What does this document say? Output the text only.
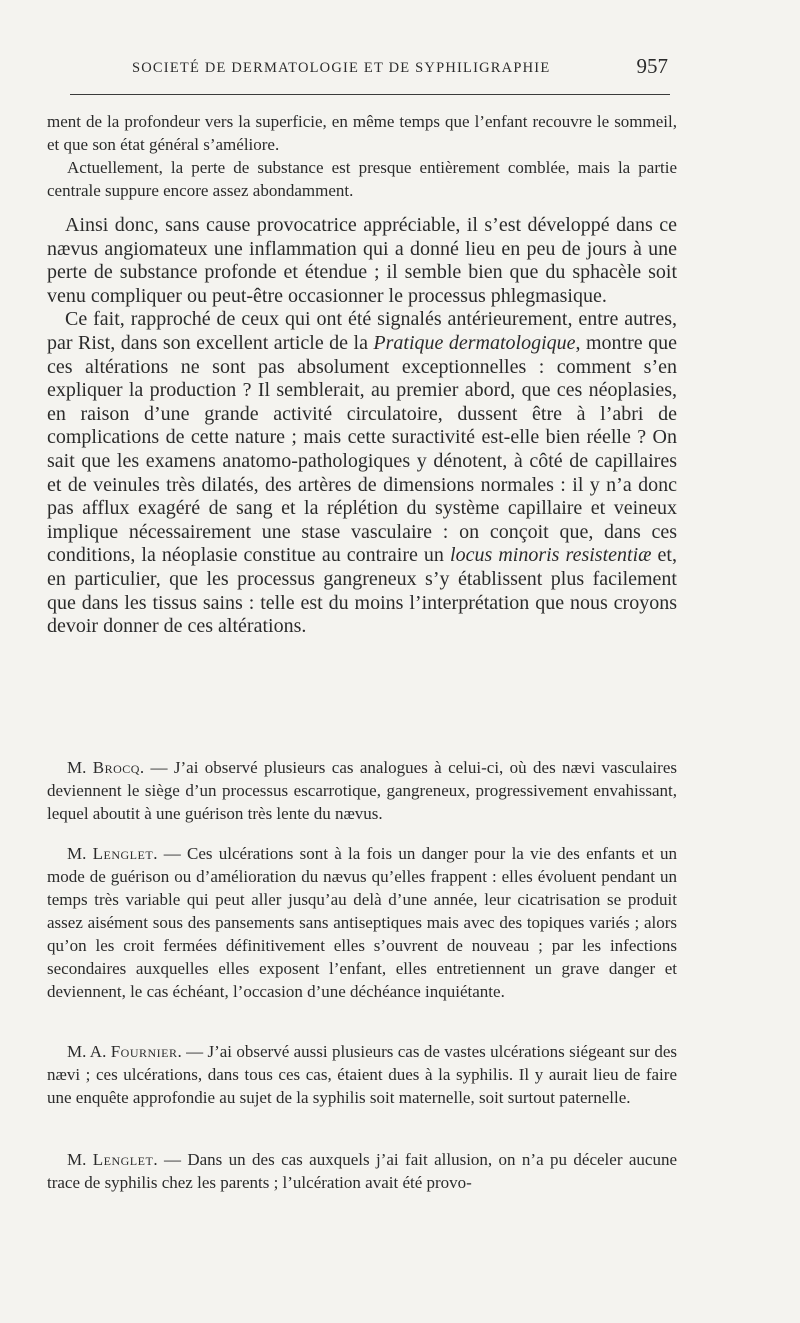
SOCIETÉ DE DERMATOLOGIE ET DE SYPHILIGRAPHIE	957

ment de la profondeur vers la superficie, en même temps que l’enfant recouvre le sommeil, et que son état général s’améliore.

Actuellement, la perte de substance est presque entièrement comblée, mais la partie centrale suppure encore assez abondamment.

Ainsi donc, sans cause provocatrice appréciable, il s’est développé dans ce nævus angiomateux une inflammation qui a donné lieu en peu de jours à une perte de substance profonde et étendue ; il semble bien que du sphacèle soit venu compliquer ou peut-être occasionner le processus phlegmasique.

Ce fait, rapproché de ceux qui ont été signalés antérieurement, entre autres, par Rist, dans son excellent article de la Pratique dermatologique, montre que ces altérations ne sont pas absolument exceptionnelles : comment s’en expliquer la production ? Il semblerait, au premier abord, que ces néoplasies, en raison d’une grande activité circulatoire, dussent être à l’abri de complications de cette nature ; mais cette suractivité est-elle bien réelle ? On sait que les examens anatomo-pathologiques y dénotent, à côté de capillaires et de veinules très dilatés, des artères de dimensions normales : il y n’a donc pas afflux exagéré de sang et la réplétion du système capillaire et veineux implique nécessairement une stase vasculaire : on conçoit que, dans ces conditions, la néoplasie constitue au contraire un locus minoris resistentiæ et, en particulier, que les processus gangreneux s’y établissent plus facilement que dans les tissus sains : telle est du moins l’interprétation que nous croyons devoir donner de ces altérations.

M. Brocq. — J’ai observé plusieurs cas analogues à celui-ci, où des nævi vasculaires deviennent le siège d’un processus escarrotique, gangreneux, progressivement envahissant, lequel aboutit à une guérison très lente du nævus.

M. Lenglet. — Ces ulcérations sont à la fois un danger pour la vie des enfants et un mode de guérison ou d’amélioration du nævus qu’elles frappent : elles évoluent pendant un temps très variable qui peut aller jusqu’au delà d’une année, leur cicatrisation se produit assez aisément sous des pansements sans antiseptiques mais avec des topiques variés ; alors qu’on les croit fermées définitivement elles s’ouvrent de nouveau ; par les infections secondaires auxquelles elles exposent l’enfant, elles entretiennent un grave danger et deviennent, le cas échéant, l’occasion d’une déchéance inquiétante.

M. A. Fournier. — J’ai observé aussi plusieurs cas de vastes ulcérations siégeant sur des nævi ; ces ulcérations, dans tous ces cas, étaient dues à la syphilis. Il y aurait lieu de faire une enquête approfondie au sujet de la syphilis soit maternelle, soit surtout paternelle.

M. Lenglet. — Dans un des cas auxquels j’ai fait allusion, on n’a pu déceler aucune trace de syphilis chez les parents ; l’ulcération avait été provo-
